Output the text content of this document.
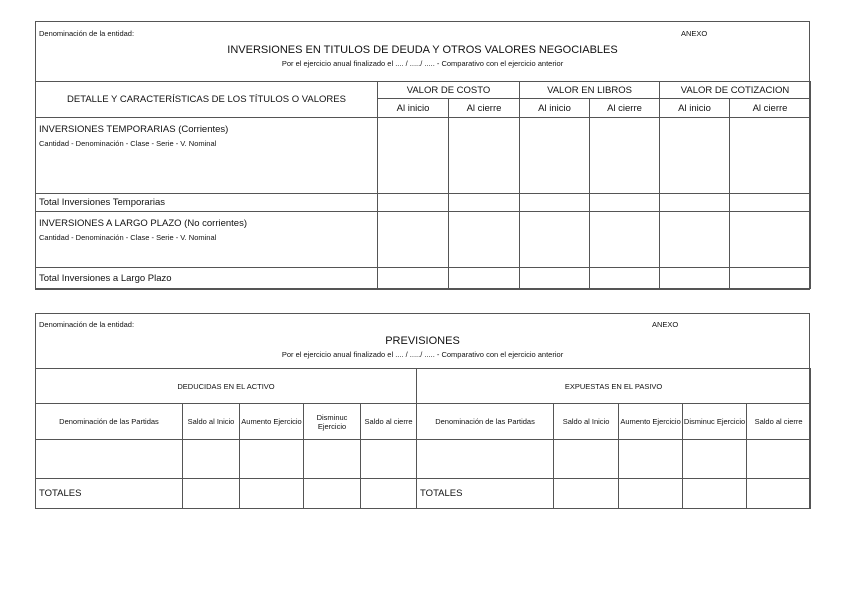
Denominación de la entidad:	ANEXO
INVERSIONES EN TITULOS DE DEUDA Y OTROS VALORES NEGOCIABLES
Por el ejercicio anual finalizado el .... / ...../ ..... - Comparativo con el ejercicio anterior
DETALLE Y CARACTERÍSTICAS DE LOS TÍTULOS O VALORES	VALOR DE COSTO		VALOR EN LIBROS		VALOR DE COTIZACION	
	Al inicio	Al cierre	Al inicio	Al cierre	Al inicio	Al cierre
INVERSIONES TEMPORARIAS (Corrientes)
Cantidad - Denominación - Clase - Serie - V. Nominal						

Total Inversiones Temporarias						
INVERSIONES A LARGO PLAZO (No corrientes)
Cantidad - Denominación - Clase - Serie - V. Nominal						

Total Inversiones a Largo Plazo						
Denominación de la entidad:	ANEXO
PREVISIONES
Por el ejercicio anual finalizado el .... / ...../ ..... - Comparativo con el ejercicio anterior
DEDUCIDAS EN EL ACTIVO					EXPUESTAS EN EL PASIVO				
Denominación de las Partidas	Saldo al Inicio	Aumento Ejercicio	Disminuc Ejercicio	Saldo al cierre	Denominación de las Partidas	Saldo al Inicio	Aumento Ejercicio	Disminuc Ejercicio	Saldo al cierre

TOTALES					TOTALES				
